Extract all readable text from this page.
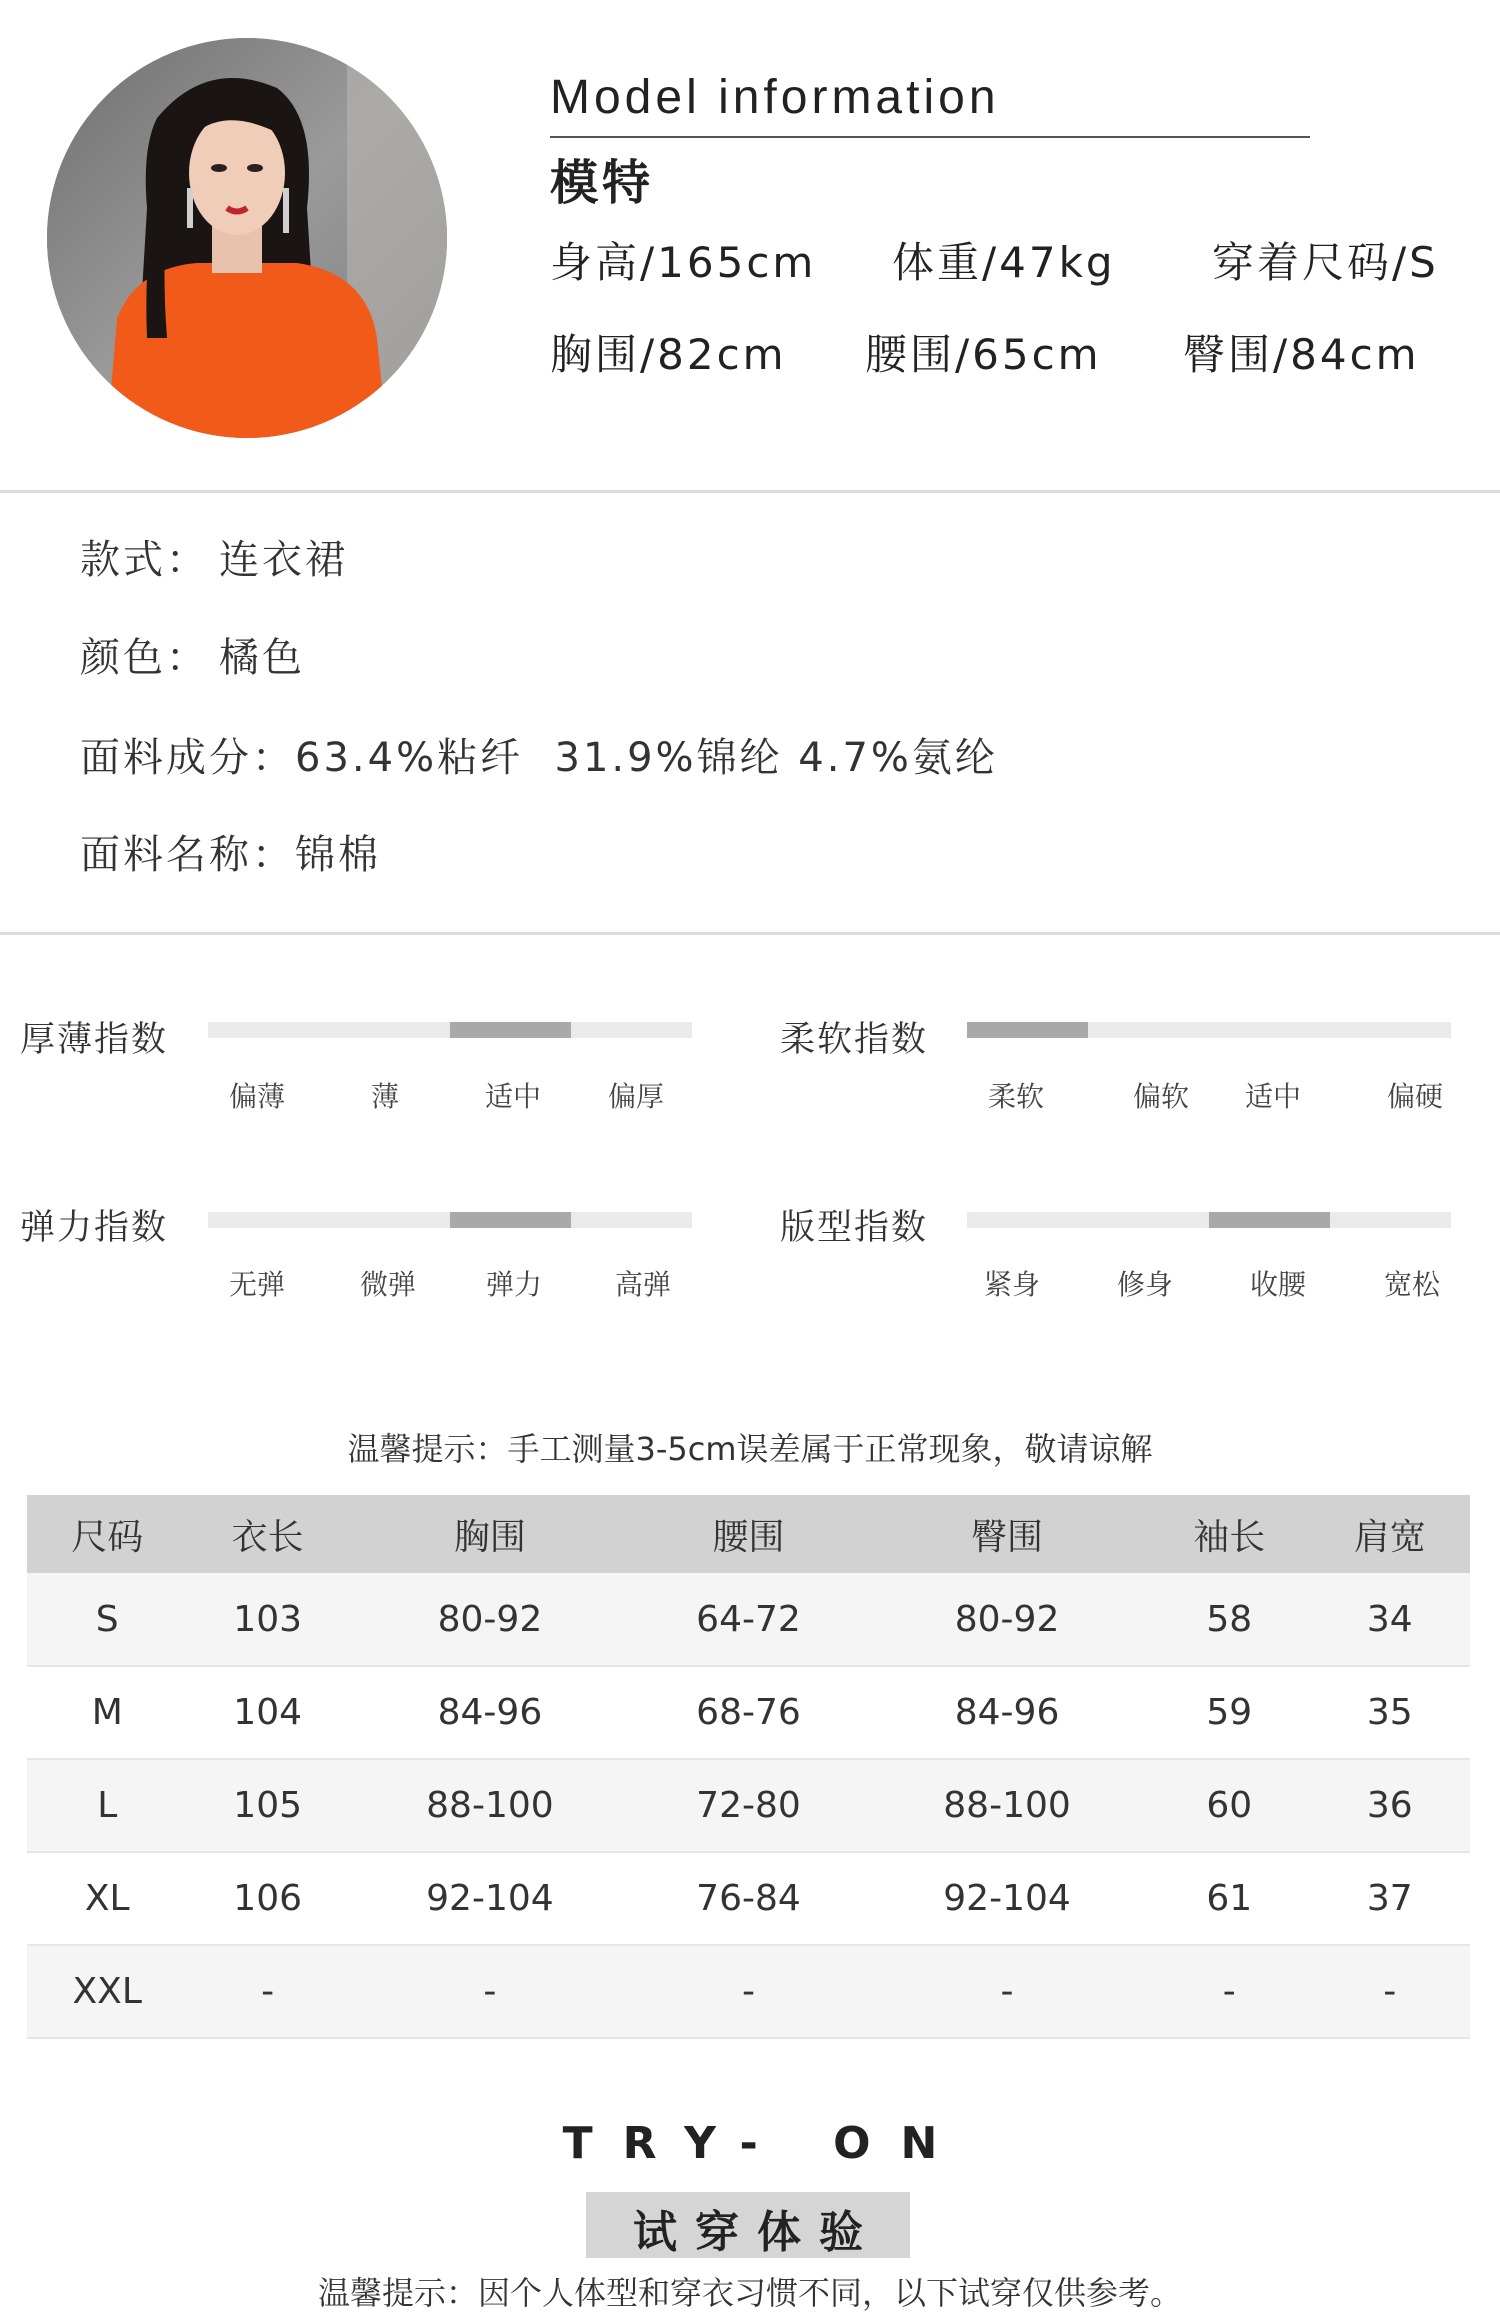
Model information
模特
身高/165cm 体重/47kg 穿着尺码/S
胸围/82cm 腰围/65cm 臀围/84cm
款式： 连衣裙
颜色： 橘色
面料成分：63.4%粘纤  31.9%锦纶 4.7%氨纶
面料名称：锦棉
厚薄指数
偏薄	薄	适中 偏厚
柔软指数
柔软	偏软 适中	偏硬
弹力指数
无弹	微弹 弹力	高弹
版型指数
紧身	修身	收腰	宽松
温馨提示：手工测量3-5cm误差属于正常现象，敬请谅解
尺码	衣长	胸围	腰围	臀围	袖长	肩宽
S	103	80-92	64-72	80-92	58	34
M	104	84-96	68-76	84-96	59	35
L	105	88-100	72-80	88-100	60	36
XL	106	92-104	76-84	92-104	61	37
XXL	-	-	-	-	-	-
TRY- ON
试穿体验
温馨提示：因个人体型和穿衣习惯不同，以下试穿仅供参考。
